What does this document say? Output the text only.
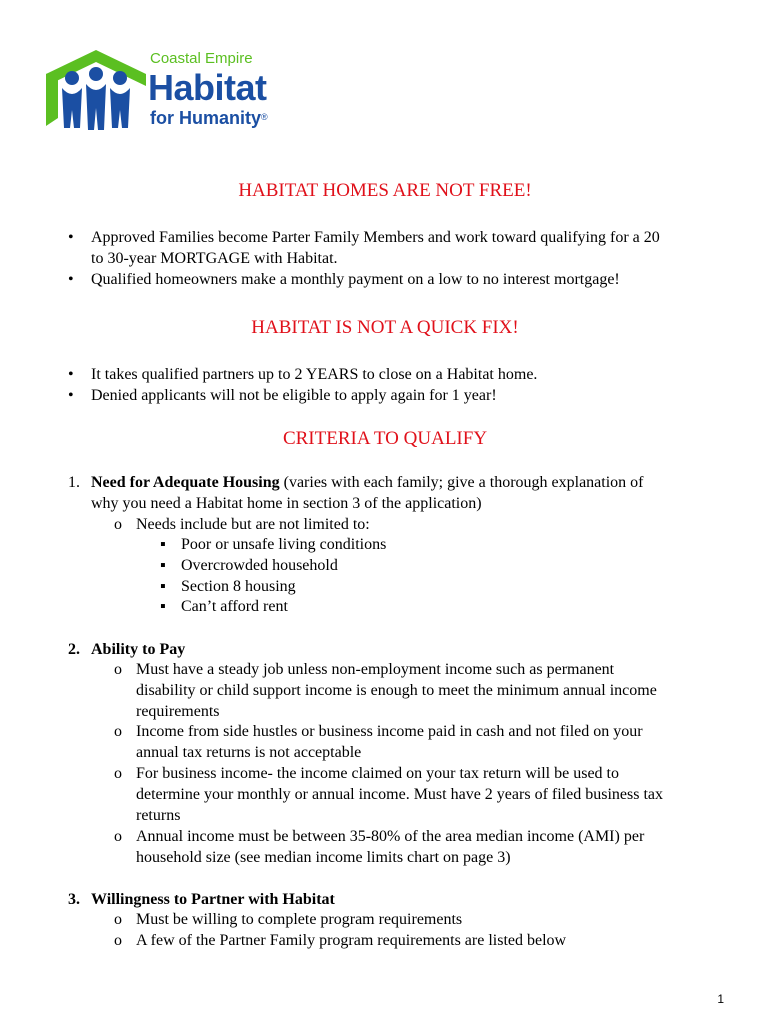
Coastal Empire
Habitat
for Humanity®
HABITAT HOMES ARE NOT FREE!
• Approved Families become Parter Family Members and work toward qualifying for a 20
to 30-year MORTGAGE with Habitat.
• Qualified homeowners make a monthly payment on a low to no interest mortgage!
HABITAT IS NOT A QUICK FIX!
• It takes qualified partners up to 2 YEARS to close on a Habitat home.
• Denied applicants will not be eligible to apply again for 1 year!
CRITERIA TO QUALIFY
1. Need for Adequate Housing (varies with each family; give a thorough explanation of
why you need a Habitat home in section 3 of the application)
o Needs include but are not limited to:
▪ Poor or unsafe living conditions
▪ Overcrowded household
▪ Section 8 housing
▪ Can’t afford rent
2. Ability to Pay
o Must have a steady job unless non-employment income such as permanent
disability or child support income is enough to meet the minimum annual income
requirements
o Income from side hustles or business income paid in cash and not filed on your
annual tax returns is not acceptable
o For business income- the income claimed on your tax return will be used to
determine your monthly or annual income. Must have 2 years of filed business tax
returns
o Annual income must be between 35-80% of the area median income (AMI) per
household size (see median income limits chart on page 3)
3. Willingness to Partner with Habitat
o Must be willing to complete program requirements
o A few of the Partner Family program requirements are listed below
1
